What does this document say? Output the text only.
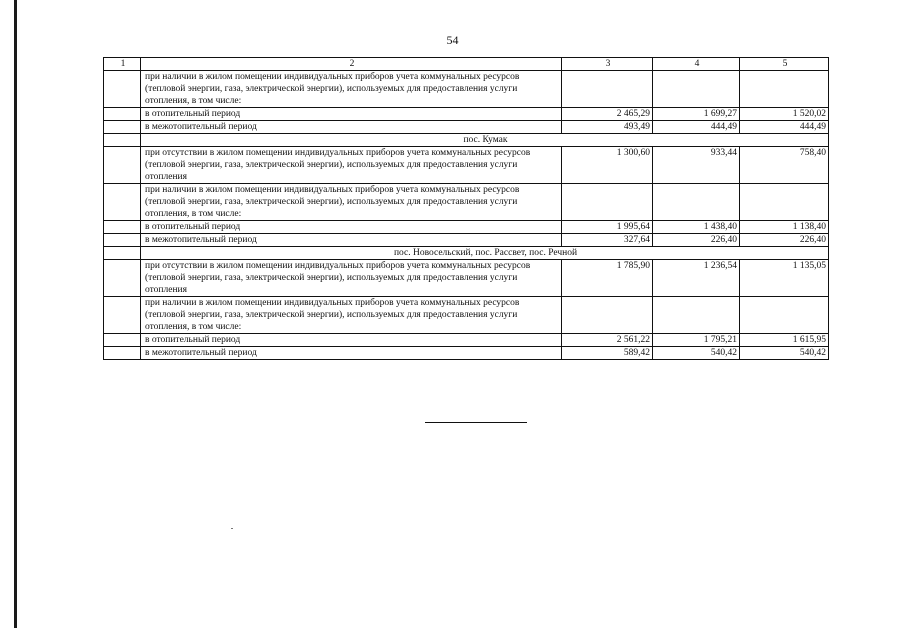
54
1	2	3	4	5
	при наличии в жилом помещении индивидуальных приборов учета коммунальных ресурсов (тепловой энергии, газа, электрической энергии), используемых для предоставления услуги отопления, в том числе:			
	в отопительный период	2 465,29	1 699,27	1 520,02
	в межотопительный период	493,49	444,49	444,49
	пос. Кумак			
	при отсутствии в жилом помещении индивидуальных приборов учета коммунальных ресурсов (тепловой энергии, газа, электрической энергии), используемых для предоставления услуги отопления	1 300,60	933,44	758,40
	при наличии в жилом помещении индивидуальных приборов учета коммунальных ресурсов (тепловой энергии, газа, электрической энергии), используемых для предоставления услуги отопления, в том числе:			
	в отопительный период	1 995,64	1 438,40	1 138,40
	в межотопительный период	327,64	226,40	226,40
	пос. Новосельский, пос. Рассвет, пос. Речной			
	при отсутствии в жилом помещении индивидуальных приборов учета коммунальных ресурсов (тепловой энергии, газа, электрической энергии), используемых для предоставления услуги отопления	1 785,90	1 236,54	1 135,05
	при наличии в жилом помещении индивидуальных приборов учета коммунальных ресурсов (тепловой энергии, газа, электрической энергии), используемых для предоставления услуги отопления, в том числе:			
	в отопительный период	2 561,22	1 795,21	1 615,95
	в межотопительный период	589,42	540,42	540,42
